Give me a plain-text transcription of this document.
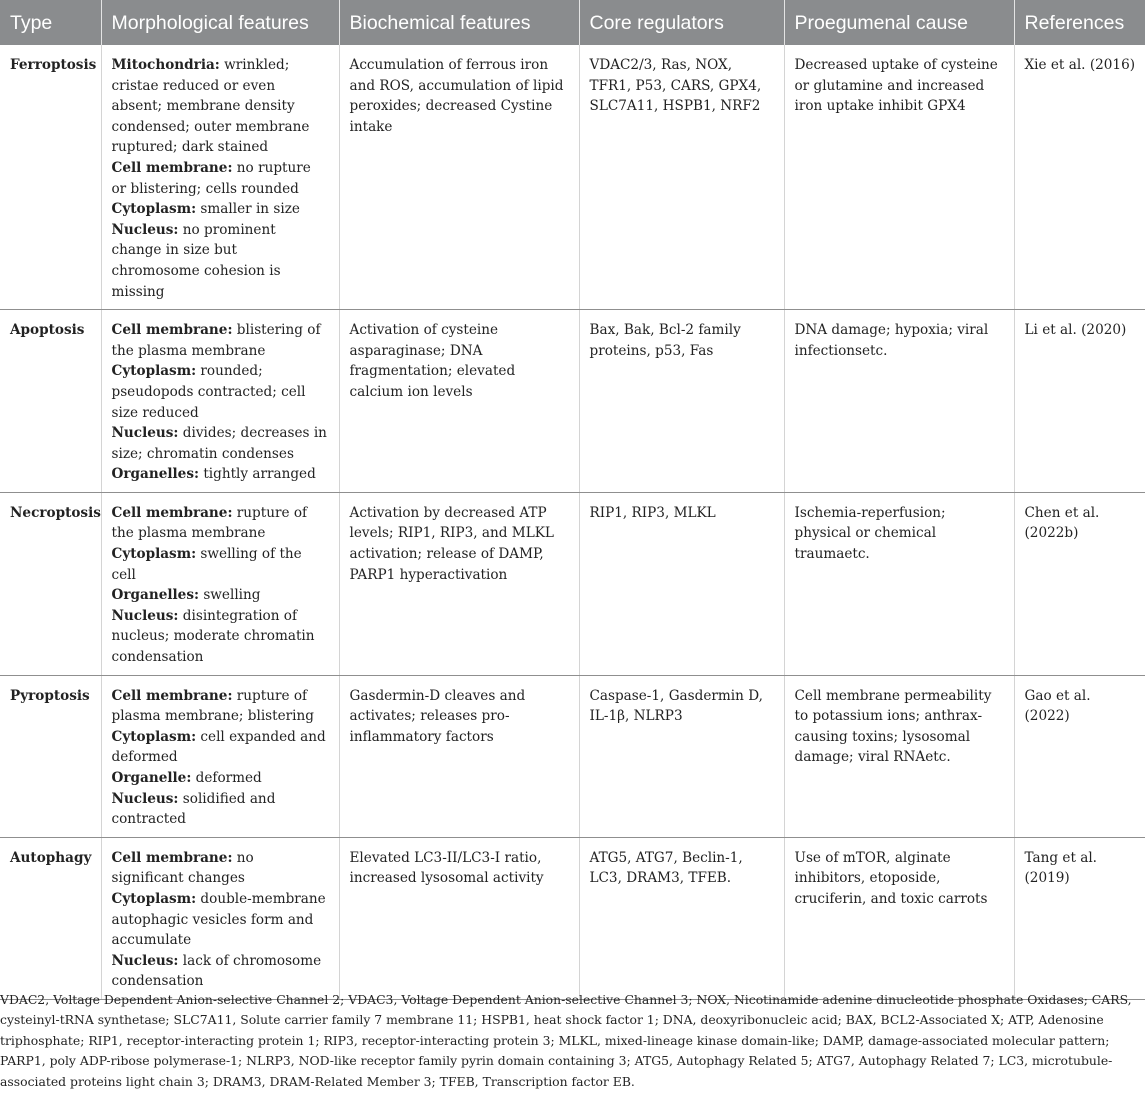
Type	Morphological features	Biochemical features	Core regulators	Proegumenal cause	References
Ferroptosis	Mitochondria: wrinkled; cristae reduced or even absent; membrane density condensed; outer membrane ruptured; dark stained
Cell membrane: no rupture or blistering; cells rounded
Cytoplasm: smaller in size
Nucleus: no prominent change in size but chromosome cohesion is missing	Accumulation of ferrous iron and ROS, accumulation of lipid peroxides; decreased Cystine intake	VDAC2/3, Ras, NOX, TFR1, P53, CARS, GPX4, SLC7A11, HSPB1, NRF2	Decreased uptake of cysteine or glutamine and increased iron uptake inhibit GPX4	Xie et al. (2016)
Apoptosis	Cell membrane: blistering of the plasma membrane
Cytoplasm: rounded; pseudopods contracted; cell size reduced
Nucleus: divides; decreases in size; chromatin condenses
Organelles: tightly arranged	Activation of cysteine asparaginase; DNA fragmentation; elevated calcium ion levels	Bax, Bak, Bcl-2 family proteins, p53, Fas	DNA damage; hypoxia; viral infectionsetc.	Li et al. (2020)
Necroptosis	Cell membrane: rupture of the plasma membrane
Cytoplasm: swelling of the cell
Organelles: swelling
Nucleus: disintegration of nucleus; moderate chromatin condensation	Activation by decreased ATP levels; RIP1, RIP3, and MLKL activation; release of DAMP, PARP1 hyperactivation	RIP1, RIP3, MLKL	Ischemia-reperfusion; physical or chemical traumaetc.	Chen et al. (2022b)
Pyroptosis	Cell membrane: rupture of plasma membrane; blistering
Cytoplasm: cell expanded and deformed
Organelle: deformed
Nucleus: solidified and contracted	Gasdermin-D cleaves and activates; releases pro-inflammatory factors	Caspase-1, Gasdermin D, IL-1β, NLRP3	Cell membrane permeability to potassium ions; anthrax-causing toxins; lysosomal damage; viral RNAetc.	Gao et al. (2022)
Autophagy	Cell membrane: no significant changes
Cytoplasm: double-membrane autophagic vesicles form and accumulate
Nucleus: lack of chromosome condensation	Elevated LC3-II/LC3-I ratio, increased lysosomal activity	ATG5, ATG7, Beclin-1, LC3, DRAM3, TFEB.	Use of mTOR, alginate inhibitors, etoposide, cruciferin, and toxic carrots	Tang et al. (2019)
VDAC2, Voltage Dependent Anion-selective Channel 2; VDAC3, Voltage Dependent Anion-selective Channel 3; NOX, Nicotinamide adenine dinucleotide phosphate Oxidases; CARS, cysteinyl-tRNA synthetase; SLC7A11, Solute carrier family 7 membrane 11; HSPB1, heat shock factor 1; DNA, deoxyribonucleic acid; BAX, BCL2-Associated X; ATP, Adenosine triphosphate; RIP1, receptor-interacting protein 1; RIP3, receptor-interacting protein 3; MLKL, mixed-lineage kinase domain-like; DAMP, damage-associated molecular pattern; PARP1, poly ADP-ribose polymerase-1; NLRP3, NOD-like receptor family pyrin domain containing 3; ATG5, Autophagy Related 5; ATG7, Autophagy Related 7; LC3, microtubule-associated proteins light chain 3; DRAM3, DRAM-Related Member 3; TFEB, Transcription factor EB.
